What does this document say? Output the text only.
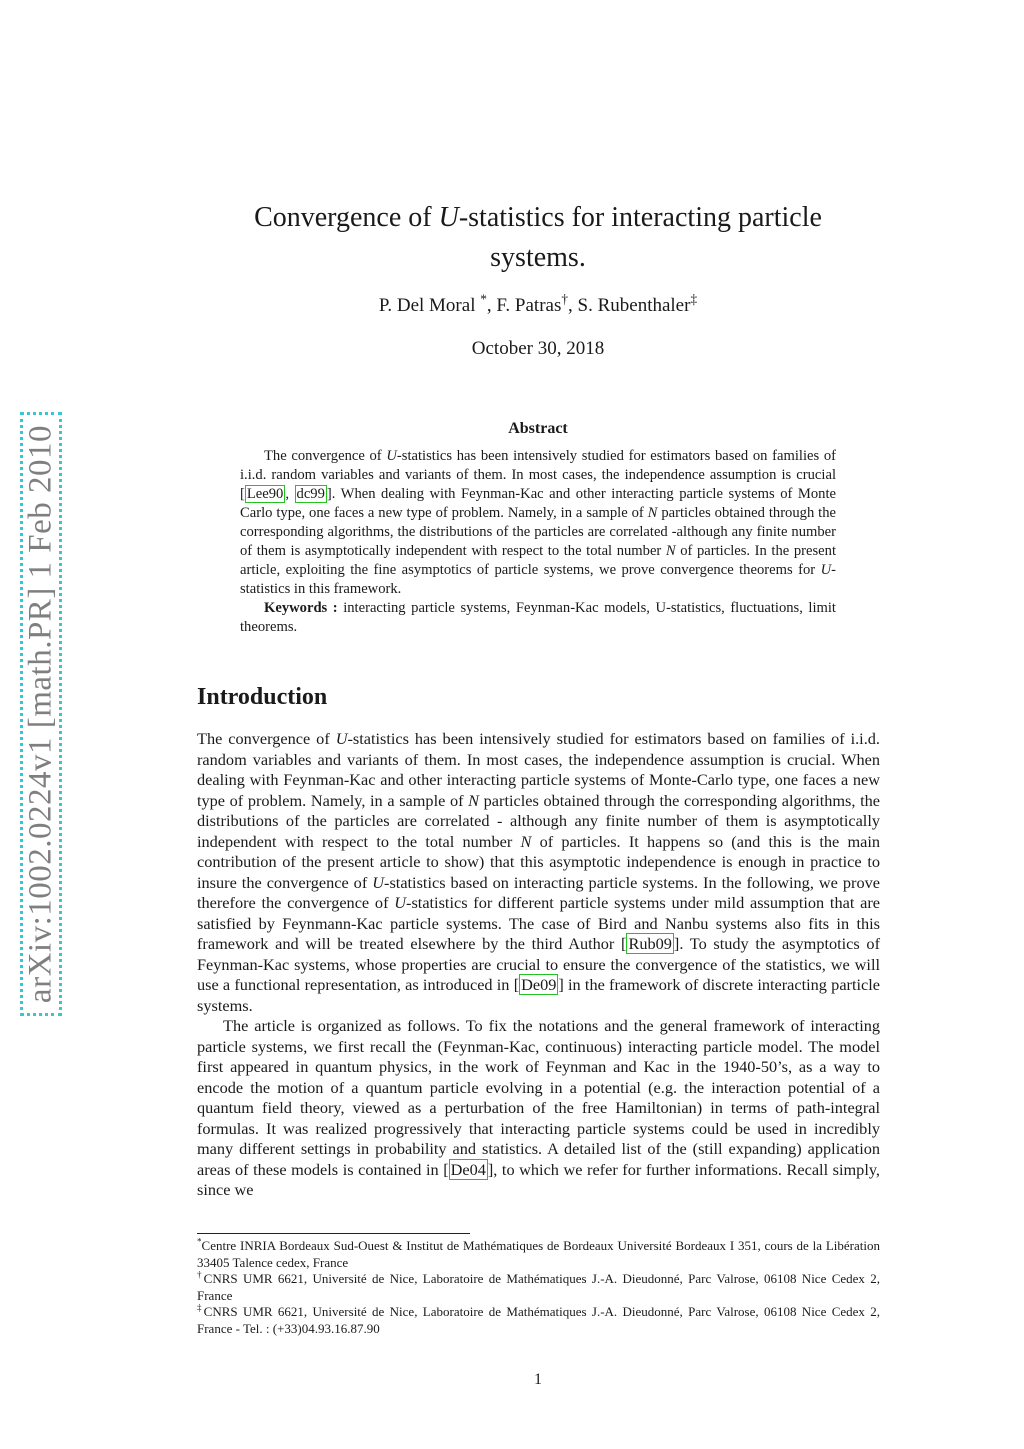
arXiv:1002.0224v1 [math.PR] 1 Feb 2010
Convergence of U-statistics for interacting particle
systems.
P. Del Moral *, F. Patras†, S. Rubenthaler‡
October 30, 2018
Abstract

The convergence of U-statistics has been intensively studied for estimators based on families of i.i.d. random variables and variants of them. In most cases, the independence assumption is crucial [ Lee90 , dc99 ]. When dealing with Feynman-Kac and other interacting particle systems of Monte Carlo type, one faces a new type of problem. Namely, in a sample of N particles obtained through the corresponding algorithms, the distributions of the particles are correlated -although any finite number of them is asymptotically independent with respect to the total number N of particles. In the present article, exploiting the fine asymptotics of particle systems, we prove convergence theorems for U-statistics in this framework.

Keywords : interacting particle systems, Feynman-Kac models, U-statistics, fluctuations, limit theorems.

Introduction

The convergence of U-statistics has been intensively studied for estimators based on families of i.i.d. random variables and variants of them. In most cases, the independence assumption is crucial. When dealing with Feynman-Kac and other interacting particle systems of Monte-Carlo type, one faces a new type of problem. Namely, in a sample of N particles obtained through the corresponding algorithms, the distributions of the particles are correlated - although any finite number of them is asymptotically independent with respect to the total number N of particles. It happens so (and this is the main contribution of the present article to show) that this asymptotic independence is enough in practice to insure the convergence of U-statistics based on interacting particle systems. In the following, we prove therefore the convergence of U-statistics for different particle systems under mild assumption that are satisfied by Feynmann-Kac particle systems. The case of Bird and Nanbu systems also fits in this framework and will be treated elsewhere by the third Author [ Rub09 ]. To study the asymptotics of Feynman-Kac systems, whose properties are crucial to ensure the convergence of the statistics, we will use a functional representation, as introduced in [ De09 ] in the framework of discrete interacting particle systems.

The article is organized as follows. To fix the notations and the general framework of interacting particle systems, we first recall the (Feynman-Kac, continuous) interacting particle model. The model first appeared in quantum physics, in the work of Feynman and Kac in the 1940-50’s, as a way to encode the motion of a quantum particle evolving in a potential (e.g. the interaction potential of a quantum field theory, viewed as a perturbation of the free Hamiltonian) in terms of path-integral formulas. It was realized progressively that interacting particle systems could be used in incredibly many different settings in probability and statistics. A detailed list of the (still expanding) application areas of these models is contained in [ De04 ], to which we refer for further informations. Recall simply, since we

*Centre INRIA Bordeaux Sud-Ouest & Institut de Mathématiques de Bordeaux Université Bordeaux I 351, cours de la Libération 33405 Talence cedex, France

†CNRS UMR 6621, Université de Nice, Laboratoire de Mathématiques J.-A. Dieudonné, Parc Valrose, 06108 Nice Cedex 2, France

‡CNRS UMR 6621, Université de Nice, Laboratoire de Mathématiques J.-A. Dieudonné, Parc Valrose, 06108 Nice Cedex 2, France - Tel. : (+33)04.93.16.87.90

1
